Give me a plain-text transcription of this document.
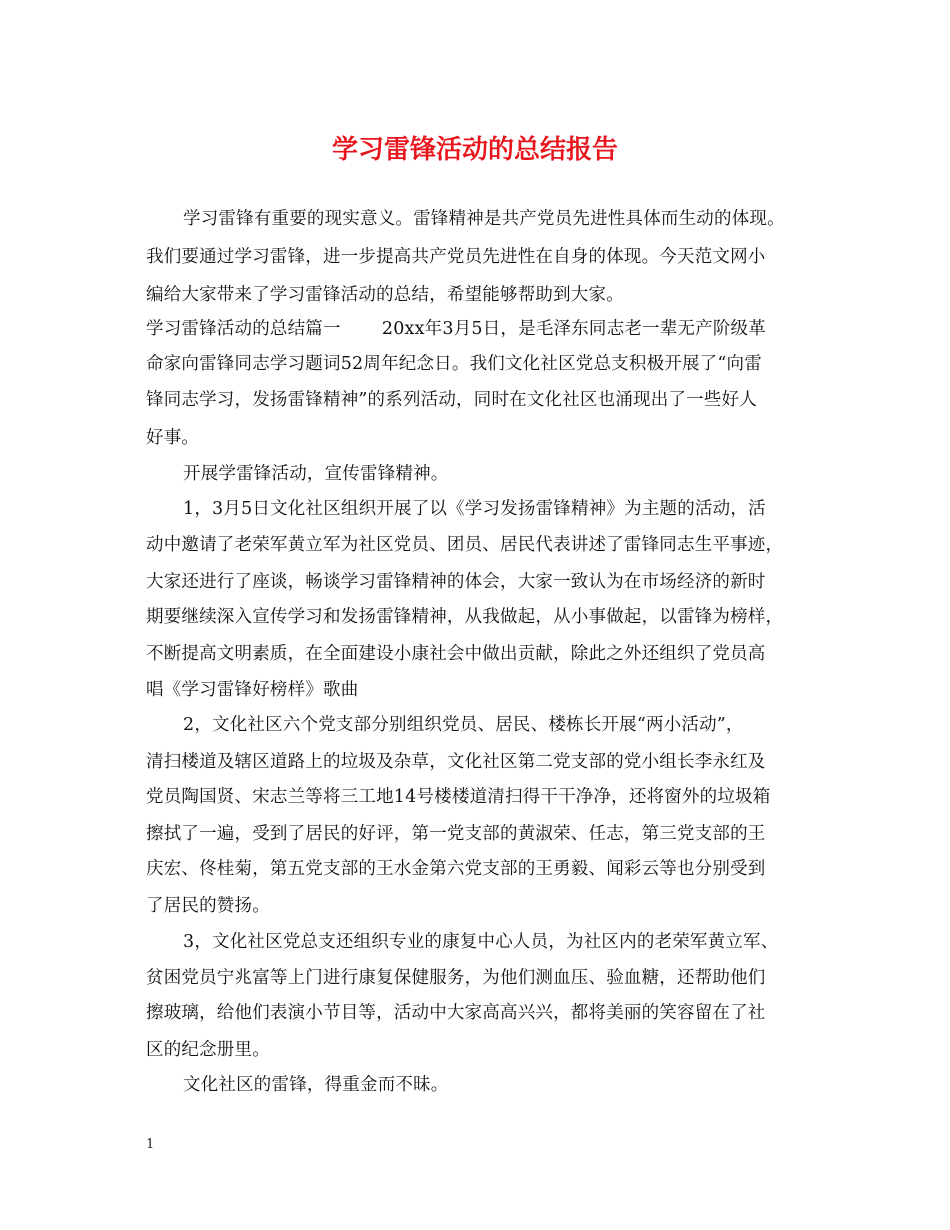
学习雷锋活动的总结报告
学习雷锋有重要的现实意义。雷锋精神是共产党员先进性具体而生动的体现。
我们要通过学习雷锋，进一步提高共产党员先进性在自身的体现。今天范文网小
编给大家带来了学习雷锋活动的总结，希望能够帮助到大家。
学习雷锋活动的总结篇一　　 20xx年3月5日，是毛泽东同志老一辈无产阶级革
命家向雷锋同志学习题词52周年纪念日。我们文化社区党总支积极开展了“向雷
锋同志学习，发扬雷锋精神”的系列活动，同时在文化社区也涌现出了一些好人
好事。
开展学雷锋活动，宣传雷锋精神。
1，3月5日文化社区组织开展了以《学习发扬雷锋精神》为主题的活动，活
动中邀请了老荣军黄立军为社区党员、团员、居民代表讲述了雷锋同志生平事迹，
大家还进行了座谈，畅谈学习雷锋精神的体会，大家一致认为在市场经济的新时
期要继续深入宣传学习和发扬雷锋精神，从我做起，从小事做起，以雷锋为榜样，
不断提高文明素质，在全面建设小康社会中做出贡献，除此之外还组织了党员高
唱《学习雷锋好榜样》歌曲
2，文化社区六个党支部分别组织党员、居民、楼栋长开展“两小活动”，
清扫楼道及辖区道路上的垃圾及杂草，文化社区第二党支部的党小组长李永红及
党员陶国贤、宋志兰等将三工地14号楼楼道清扫得干干净净，还将窗外的垃圾箱
擦拭了一遍，受到了居民的好评，第一党支部的黄淑荣、任志，第三党支部的王
庆宏、佟桂菊，第五党支部的王水金第六党支部的王勇毅、闻彩云等也分别受到
了居民的赞扬。
3，文化社区党总支还组织专业的康复中心人员，为社区内的老荣军黄立军、
贫困党员宁兆富等上门进行康复保健服务，为他们测血压、验血糖，还帮助他们
擦玻璃，给他们表演小节目等，活动中大家高高兴兴，都将美丽的笑容留在了社
区的纪念册里。
文化社区的雷锋，得重金而不昧。
1
